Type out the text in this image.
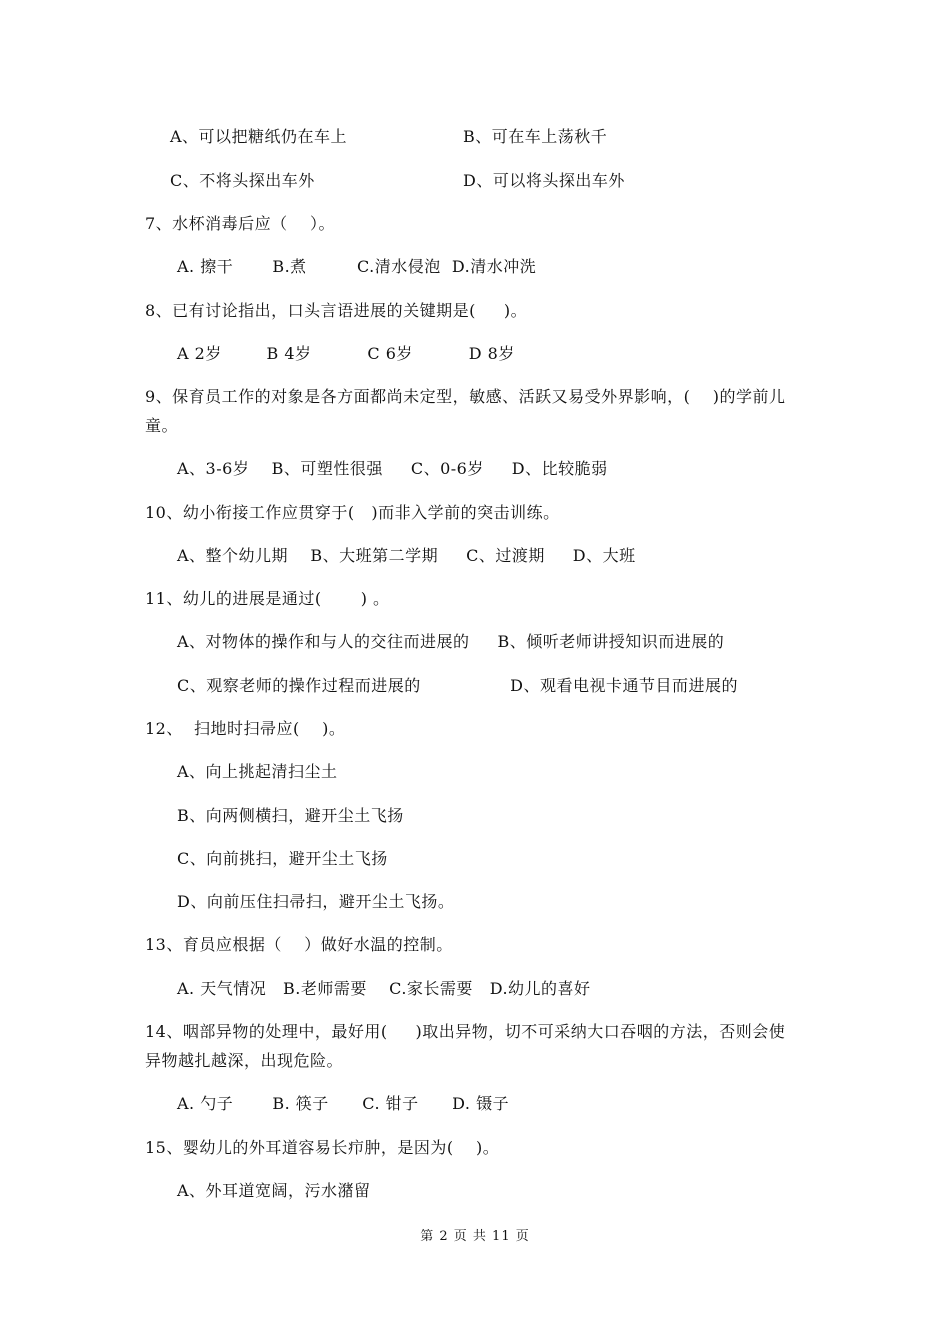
A、可以把糖纸仍在车上	B、可在车上荡秋千
C、不将头探出车外	D、可以将头探出车外
7、水杯消毒后应（    ）。
A. 擦干       B.煮         C.清水侵泡  D.清水冲洗
8、已有讨论指出，口头言语进展的关键期是(     )。
A 2岁        B 4岁          C 6岁          D 8岁
9、保育员工作的对象是各方面都尚未定型，敏感、活跃又易受外界影响，(    )的学前儿
童。
A、3-6岁    B、可塑性很强     C、0-6岁     D、比较脆弱
10、幼小衔接工作应贯穿于(   )而非入学前的突击训练。
A、整个幼儿期    B、大班第二学期     C、过渡期     D、大班
11、幼儿的进展是通过(       ) 。
A、对物体的操作和与人的交往而进展的     B、倾听老师讲授知识而进展的
C、观察老师的操作过程而进展的                D、观看电视卡通节目而进展的
12、  扫地时扫帚应(    )。
A、向上挑起清扫尘土
B、向两侧横扫，避开尘土飞扬
C、向前挑扫，避开尘土飞扬
D、向前压住扫帚扫，避开尘土飞扬。
13、育员应根据（    ）做好水温的控制。
A. 天气情况   B.老师需要    C.家长需要   D.幼儿的喜好
14、咽部异物的处理中，最好用(     )取出异物，切不可采纳大口吞咽的方法，否则会使
异物越扎越深，出现危险。
A. 勺子       B. 筷子      C. 钳子      D. 镊子
15、婴幼儿的外耳道容易长疖肿，是因为(    )。
A、外耳道宽阔，污水潴留
第 2 页 共 11 页
